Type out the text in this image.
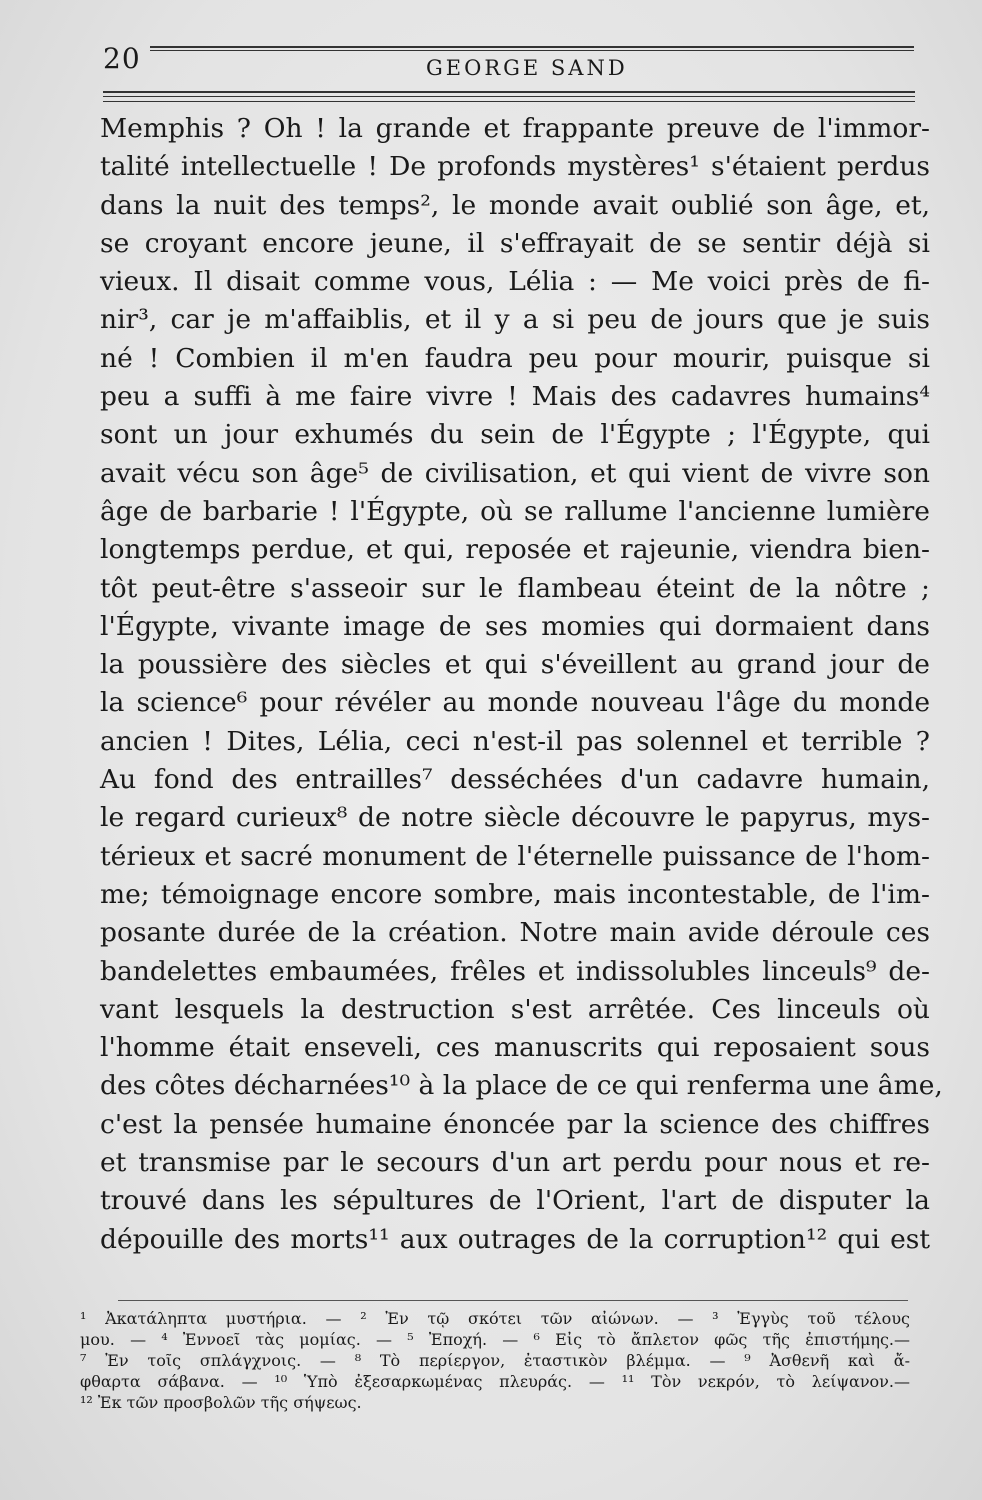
20	GEORGE SAND
Memphis ? Oh ! la grande et frappante preuve de l'immor-
talité intellectuelle ! De profonds mystères¹ s'étaient perdus
dans la nuit des temps², le monde avait oublié son âge, et,
se croyant encore jeune, il s'effrayait de se sentir déjà si
vieux. Il disait comme vous, Lélia : — Me voici près de fi-
nir³, car je m'affaiblis, et il y a si peu de jours que je suis
né ! Combien il m'en faudra peu pour mourir, puisque si
peu a suffi à me faire vivre ! Mais des cadavres humains⁴
sont un jour exhumés du sein de l'Égypte ; l'Égypte, qui
avait vécu son âge⁵ de civilisation, et qui vient de vivre son
âge de barbarie ! l'Égypte, où se rallume l'ancienne lumière
longtemps perdue, et qui, reposée et rajeunie, viendra bien-
tôt peut-être s'asseoir sur le flambeau éteint de la nôtre ;
l'Égypte, vivante image de ses momies qui dormaient dans
la poussière des siècles et qui s'éveillent au grand jour de
la science⁶ pour révéler au monde nouveau l'âge du monde
ancien ! Dites, Lélia, ceci n'est-il pas solennel et terrible ?
Au fond des entrailles⁷ desséchées d'un cadavre humain,
le regard curieux⁸ de notre siècle découvre le papyrus, mys-
térieux et sacré monument de l'éternelle puissance de l'hom-
me; témoignage encore sombre, mais incontestable, de l'im-
posante durée de la création. Notre main avide déroule ces
bandelettes embaumées, frêles et indissolubles linceuls⁹ de-
vant lesquels la destruction s'est arrêtée. Ces linceuls où
l'homme était enseveli, ces manuscrits qui reposaient sous
des côtes décharnées¹⁰ à la place de ce qui renferma une âme,
c'est la pensée humaine énoncée par la science des chiffres
et transmise par le secours d'un art perdu pour nous et re-
trouvé dans les sépultures de l'Orient, l'art de disputer la
dépouille des morts¹¹ aux outrages de la corruption¹² qui est
¹ Ἀκατάληπτα μυστήρια. — ² Ἐν τῷ σκότει τῶν αἰώνων. — ³ Ἐγγὺς τοῦ τέλους
μου. — ⁴ Ἐννοεῖ τὰς μομίας. — ⁵ Ἐποχή. — ⁶ Εἰς τὸ ἄπλετον φῶς τῆς ἐπιστήμης.—
⁷ Ἐν τοῖς σπλάγχνοις. — ⁸ Τὸ περίεργον, ἐταστικὸν βλέμμα. — ⁹ Ἀσθενῆ καὶ ἄ-
φθαρτα σάβανα. — ¹⁰ Ὑπὸ ἐξεσαρκωμένας πλευράς. — ¹¹ Τὸν νεκρόν, τὸ λείψανον.—
¹² Ἐκ τῶν προσβολῶν τῆς σήψεως.
